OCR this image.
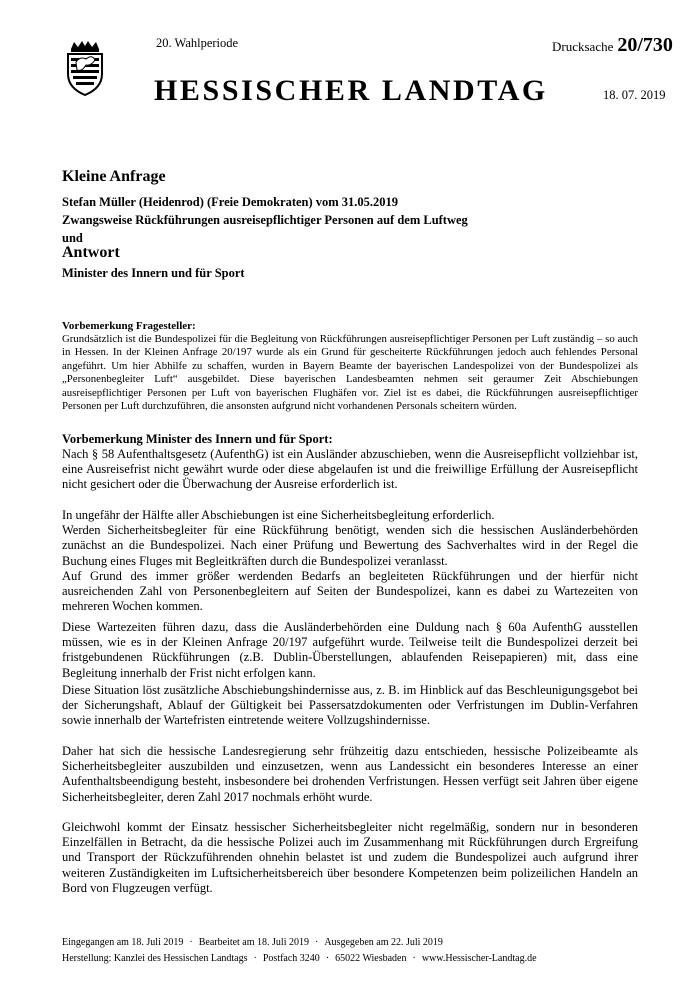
20. Wahlperiode	Drucksache 20/730
HESSISCHER LANDTAG	18. 07. 2019
Kleine Anfrage
Stefan Müller (Heidenrod) (Freie Demokraten) vom 31.05.2019
Zwangsweise Rückführungen ausreisepflichtiger Personen auf dem Luftweg
und
Antwort
Minister des Innern und für Sport
Vorbemerkung Fragesteller:
Grundsätzlich ist die Bundespolizei für die Begleitung von Rückführungen ausreisepflichtiger Personen per Luft zuständig – so auch in Hessen. In der Kleinen Anfrage 20/197 wurde als ein Grund für gescheiterte Rückführungen jedoch auch fehlendes Personal angeführt. Um hier Abhilfe zu schaffen, wurden in Bayern Beamte der bayerischen Landespolizei von der Bundespolizei als „Personenbegleiter Luft“ ausgebildet. Diese bayerischen Landesbeamten nehmen seit geraumer Zeit Abschiebungen ausreisepflichtiger Personen per Luft von bayerischen Flughäfen vor. Ziel ist es dabei, die Rückführungen ausreisepflichtiger Personen per Luft durchzuführen, die ansonsten aufgrund nicht vorhandenen Personals scheitern würden.
Vorbemerkung Minister des Innern und für Sport:

Nach § 58 Aufenthaltsgesetz (AufenthG) ist ein Ausländer abzuschieben, wenn die Ausreisepflicht vollziehbar ist, eine Ausreisefrist nicht gewährt wurde oder diese abgelaufen ist und die freiwillige Erfüllung der Ausreisepflicht nicht gesichert oder die Überwachung der Ausreise erforderlich ist.

In ungefähr der Hälfte aller Abschiebungen ist eine Sicherheitsbegleitung erforderlich.

Werden Sicherheitsbegleiter für eine Rückführung benötigt, wenden sich die hessischen Ausländerbehörden zunächst an die Bundespolizei. Nach einer Prüfung und Bewertung des Sachverhaltes wird in der Regel die Buchung eines Fluges mit Begleitkräften durch die Bundespolizei veranlasst.

Auf Grund des immer größer werdenden Bedarfs an begleiteten Rückführungen und der hierfür nicht ausreichenden Zahl von Personenbegleitern auf Seiten der Bundespolizei, kann es dabei zu Wartezeiten von mehreren Wochen kommen.

Diese Wartezeiten führen dazu, dass die Ausländerbehörden eine Duldung nach § 60a AufenthG ausstellen müssen, wie es in der Kleinen Anfrage 20/197 aufgeführt wurde. Teilweise teilt die Bundespolizei derzeit bei fristgebundenen Rückführungen (z.B. Dublin-Überstellungen, ablaufenden Reisepapieren) mit, dass eine Begleitung innerhalb der Frist nicht erfolgen kann.

Diese Situation löst zusätzliche Abschiebungshindernisse aus, z. B. im Hinblick auf das Beschleunigungsgebot bei der Sicherungshaft, Ablauf der Gültigkeit bei Passersatzdokumenten oder Verfristungen im Dublin-Verfahren sowie innerhalb der Wartefristen eintretende weitere Vollzugshindernisse.

Daher hat sich die hessische Landesregierung sehr frühzeitig dazu entschieden, hessische Polizeibeamte als Sicherheitsbegleiter auszubilden und einzusetzen, wenn aus Landessicht ein besonderes Interesse an einer Aufenthaltsbeendigung besteht, insbesondere bei drohenden Verfristungen. Hessen verfügt seit Jahren über eigene Sicherheitsbegleiter, deren Zahl 2017 nochmals erhöht wurde.

Gleichwohl kommt der Einsatz hessischer Sicherheitsbegleiter nicht regelmäßig, sondern nur in besonderen Einzelfällen in Betracht, da die hessische Polizei auch im Zusammenhang mit Rückführungen durch Ergreifung und Transport der Rückzuführenden ohnehin belastet ist und zudem die Bundespolizei auch aufgrund ihrer weiteren Zuständigkeiten im Luftsicherheitsbereich über besondere Kompetenzen beim polizeilichen Handeln an Bord von Flugzeugen verfügt.

Eingegangen am 18. Juli 2019 · Bearbeitet am 18. Juli 2019 · Ausgegeben am 22. Juli 2019
Herstellung: Kanzlei des Hessischen Landtags · Postfach 3240 · 65022 Wiesbaden · www.Hessischer-Landtag.de
